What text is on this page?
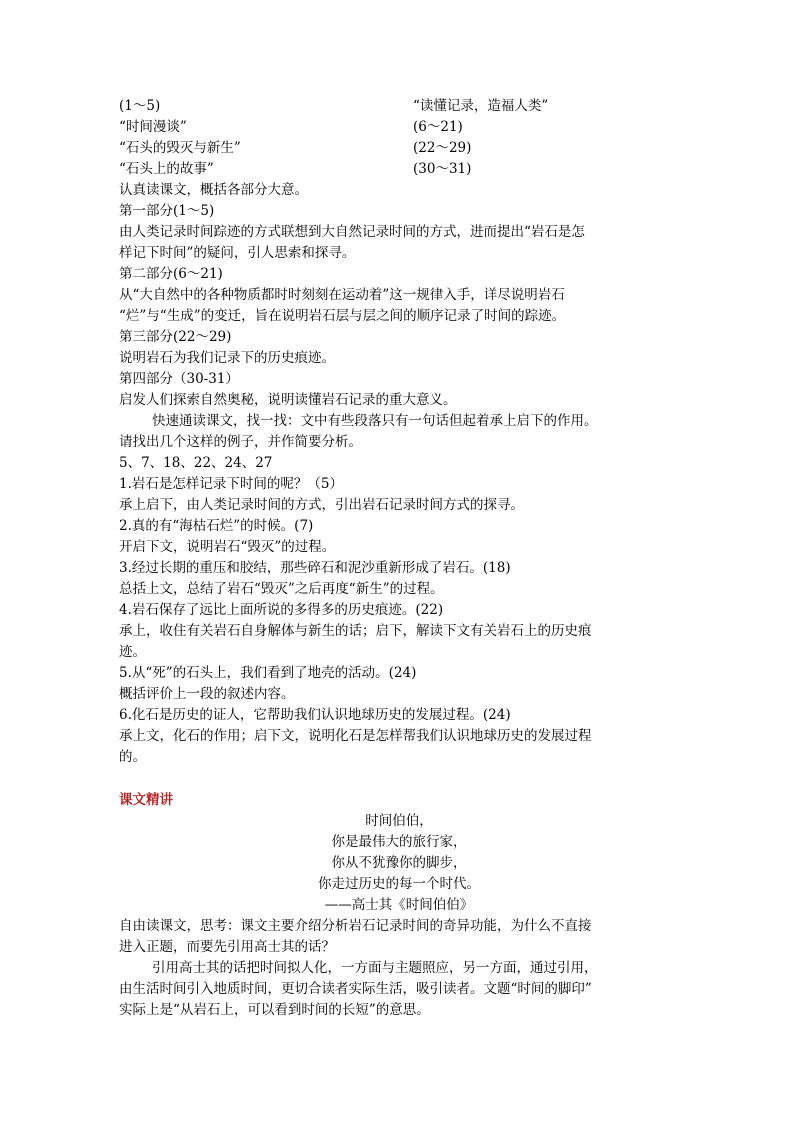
(1～5)	“读懂记录，造福人类”
“时间漫谈”	(6～21)
“石头的毁灭与新生”	(22～29)
“石头上的故事”	(30～31)
认真读课文，概括各部分大意。
第一部分(1～5)
由人类记录时间踪迹的方式联想到大自然记录时间的方式，进而提出“岩石是怎
样记下时间”的疑问，引人思索和探寻。
第二部分(6～21)
从“大自然中的各种物质都时时刻刻在运动着”这一规律入手，详尽说明岩石
“烂”与“生成”的变迁，旨在说明岩石层与层之间的顺序记录了时间的踪迹。
第三部分(22～29)
说明岩石为我们记录下的历史痕迹。
第四部分（30-31）
启发人们探索自然奥秘，说明读懂岩石记录的重大意义。
快速通读课文，找一找：文中有些段落只有一句话但起着承上启下的作用。
请找出几个这样的例子，并作简要分析。
5、7、18、22、24、27
1.岩石是怎样记录下时间的呢？（5）
承上启下，由人类记录时间的方式，引出岩石记录时间方式的探寻。
2.真的有“海枯石烂”的时候。(7)
开启下文，说明岩石“毁灭”的过程。
3.经过长期的重压和胶结，那些碎石和泥沙重新形成了岩石。(18)
总括上文，总结了岩石“毁灭”之后再度“新生”的过程。
4.岩石保存了远比上面所说的多得多的历史痕迹。(22)
承上，收住有关岩石自身解体与新生的话；启下，解读下文有关岩石上的历史痕
迹。
5.从“死”的石头上，我们看到了地壳的活动。(24)
概括评价上一段的叙述内容。
6.化石是历史的证人，它帮助我们认识地球历史的发展过程。(24)
承上文，化石的作用；启下文，说明化石是怎样帮我们认识地球历史的发展过程
的。
课文精讲
时间伯伯，
你是最伟大的旅行家，
你从不犹豫你的脚步，
你走过历史的每一个时代。
——高士其《时间伯伯》
自由读课文，思考：课文主要介绍分析岩石记录时间的奇异功能，为什么不直接
进入正题，而要先引用高士其的话？
引用高士其的话把时间拟人化，一方面与主题照应，另一方面，通过引用，
由生活时间引入地质时间，更切合读者实际生活，吸引读者。文题“时间的脚印”
实际上是“从岩石上，可以看到时间的长短”的意思。
